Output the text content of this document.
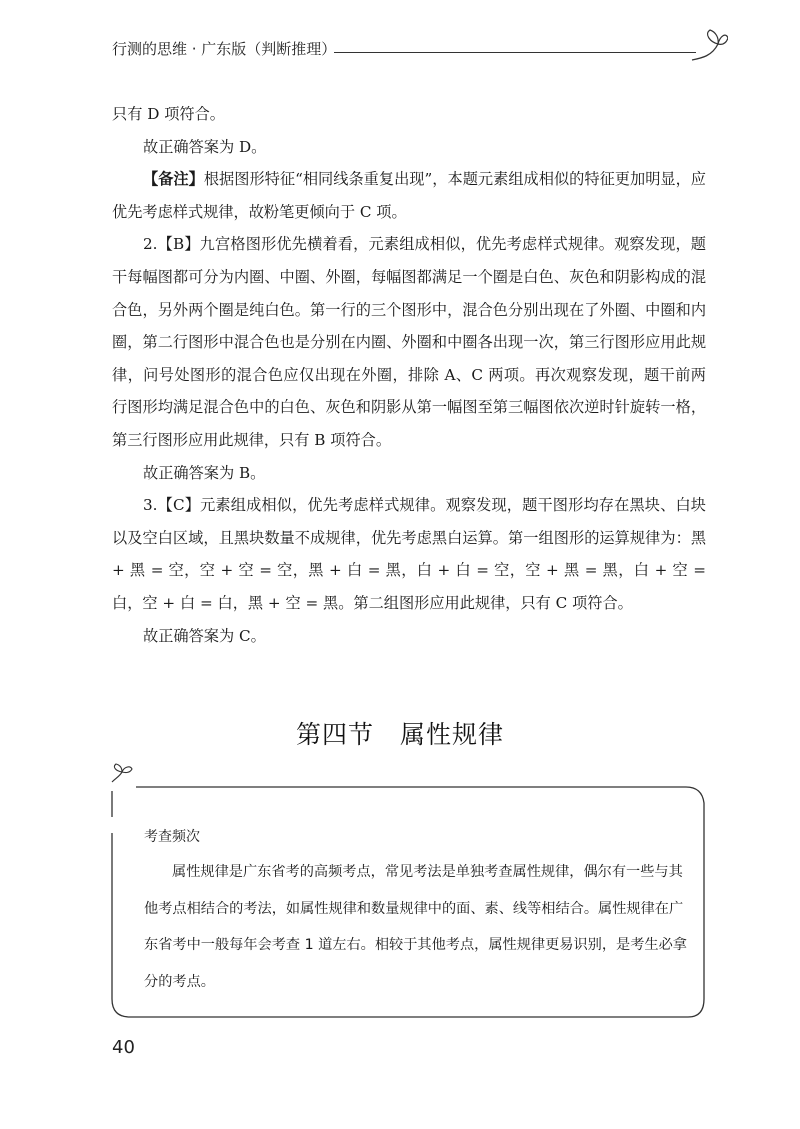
行测的思维 · 广东版（判断推理）

只有 D 项符合。

故正确答案为 D。

【备注】根据图形特征“相同线条重复出现”，本题元素组成相似的特征更加明显，应优先考虑样式规律，故粉笔更倾向于 C 项。

2.【B】九宫格图形优先横着看，元素组成相似，优先考虑样式规律。观察发现，题干每幅图都可分为内圈、中圈、外圈，每幅图都满足一个圈是白色、灰色和阴影构成的混合色，另外两个圈是纯白色。第一行的三个图形中，混合色分别出现在了外圈、中圈和内圈，第二行图形中混合色也是分别在内圈、外圈和中圈各出现一次，第三行图形应用此规律，问号处图形的混合色应仅出现在外圈，排除 A、C 两项。再次观察发现，题干前两行图形均满足混合色中的白色、灰色和阴影从第一幅图至第三幅图依次逆时针旋转一格，第三行图形应用此规律，只有 B 项符合。

故正确答案为 B。

3.【C】元素组成相似，优先考虑样式规律。观察发现，题干图形均存在黑块、白块以及空白区域，且黑块数量不成规律，优先考虑黑白运算。第一组图形的运算规律为：黑 + 黑 = 空，空 + 空 = 空，黑 + 白 = 黑，白 + 白 = 空，空 + 黑 = 黑，白 + 空 = 白，空 + 白 = 白，黑 + 空 = 黑。第二组图形应用此规律，只有 C 项符合。

故正确答案为 C。

第四节　属性规律
考查频次

属性规律是广东省考的高频考点，常见考法是单独考查属性规律，偶尔有一些与其他考点相结合的考法，如属性规律和数量规律中的面、素、线等相结合。属性规律在广东省考中一般每年会考查 1 道左右。相较于其他考点，属性规律更易识别，是考生必拿分的考点。

40
